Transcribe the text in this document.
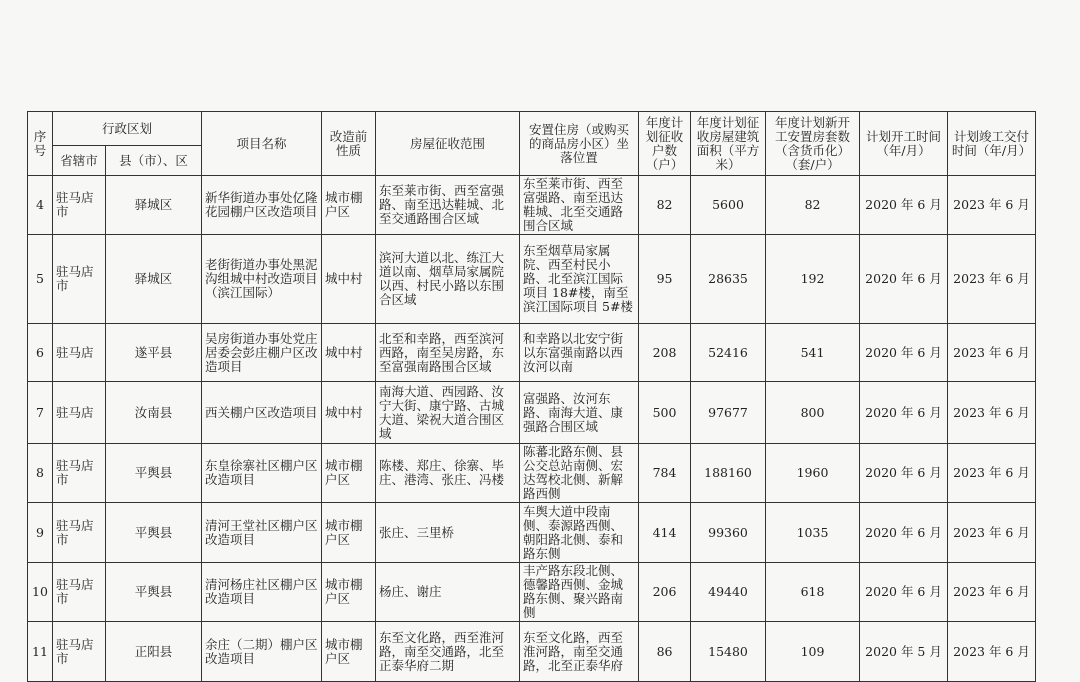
序号	行政区划		项目名称	改造前性质	房屋征收范围	安置住房（或购买的商品房小区）坐落位置	年度计划征收户数（户）	年度计划征收房屋建筑面积（平方米）	年度计划新开工安置房套数（含货币化）（套/户）	计划开工时间（年/月）	计划竣工交付时间（年/月）
	省辖市	县（市）、区									
4	驻马店市	驿城区	新华街道办事处亿隆花园棚户区改造项目	城市棚户区	东至莱市街、西至富强路、南至迅达鞋城、北至交通路围合区域	东至莱市街、西至富强路、南至迅达鞋城、北至交通路围合区域	82	5600	82	2020 年 6 月	2023 年 6 月
5	驻马店市	驿城区	老街街道办事处黑泥沟组城中村改造项目（滨江国际）	城中村	滨河大道以北、练江大道以南、烟草局家属院以西、村民小路以东围合区域	东至烟草局家属院、西至村民小路、北至滨江国际项目 18#楼，南至滨江国际项目 5#楼	95	28635	192	2020 年 6 月	2023 年 6 月
6	驻马店	遂平县	吴房街道办事处党庄居委会彭庄棚户区改造项目	城中村	北至和幸路，西至滨河西路，南至吴房路，东至富强南路围合区域	和幸路以北安宁街以东富强南路以西汝河以南	208	52416	541	2020 年 6 月	2023 年 6 月
7	驻马店	汝南县	西关棚户区改造项目	城中村	南海大道、西园路、汝宁大街、康宁路、古城大道、梁祝大道合围区域	富强路、汝河东路、南海大道、康强路合围区域	500	97677	800	2020 年 6 月	2023 年 6 月
8	驻马店市	平舆县	东皇徐寨社区棚户区改造项目	城市棚户区	陈楼、郑庄、徐寨、毕庄、港湾、张庄、冯楼	陈蕃北路东侧、县公交总站南侧、宏达驾校北侧、新解路西侧	784	188160	1960	2020 年 6 月	2023 年 6 月
9	驻马店市	平舆县	清河王堂社区棚户区改造项目	城市棚户区	张庄、三里桥	车舆大道中段南侧、泰源路西侧、朝阳路北侧、泰和路东侧	414	99360	1035	2020 年 6 月	2023 年 6 月
10	驻马店市	平舆县	清河杨庄社区棚户区改造项目	城市棚户区	杨庄、谢庄	丰产路东段北侧、德馨路西侧、金城路东侧、聚兴路南侧	206	49440	618	2020 年 6 月	2023 年 6 月
11	驻马店市	正阳县	余庄（二期）棚户区改造项目	城市棚户区	东至文化路，西至淮河路，南至交通路，北至正泰华府二期	东至文化路，西至淮河路，南至交通路，北至正泰华府	86	15480	109	2020 年 5 月	2023 年 6 月
